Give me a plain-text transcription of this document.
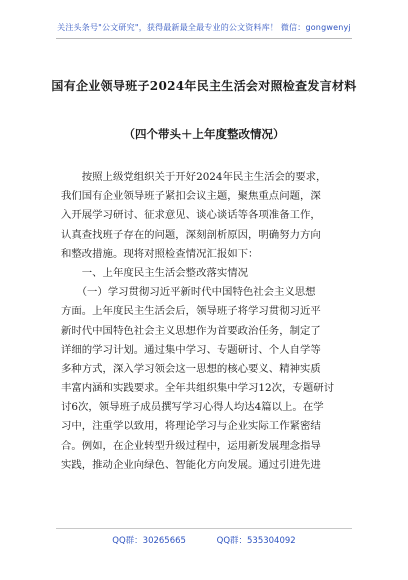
关注头条号"公文研究"，获得最新最全最专业的公文资料库！ 微信：gongwenyj
国有企业领导班子2024年民主生活会对照检查发言材料
（四个带头＋上年度整改情况）
　　按照上级党组织关于开好2024年民主生活会的要求，
我们国有企业领导班子紧扣会议主题，聚焦重点问题，深
入开展学习研讨、征求意见、谈心谈话等各项准备工作，
认真查找班子存在的问题，深刻剖析原因，明确努力方向
和整改措施。现将对照检查情况汇报如下：
　　一、上年度民主生活会整改落实情况
　　（一）学习贯彻习近平新时代中国特色社会主义思想
方面。上年度民主生活会后，领导班子将学习贯彻习近平
新时代中国特色社会主义思想作为首要政治任务，制定了
详细的学习计划。通过集中学习、专题研讨、个人自学等
多种方式，深入学习领会这一思想的核心要义、精神实质
丰富内涵和实践要求。全年共组织集中学习12次，专题研讨
讨6次，领导班子成员撰写学习心得人均达4篇以上。在学
习中，注重学以致用，将理论学习与企业实际工作紧密结
合。例如，在企业转型升级过程中，运用新发展理念指导
实践，推动企业向绿色、智能化方向发展。通过引进先进
QQ群：30265665	QQ群：535304092
